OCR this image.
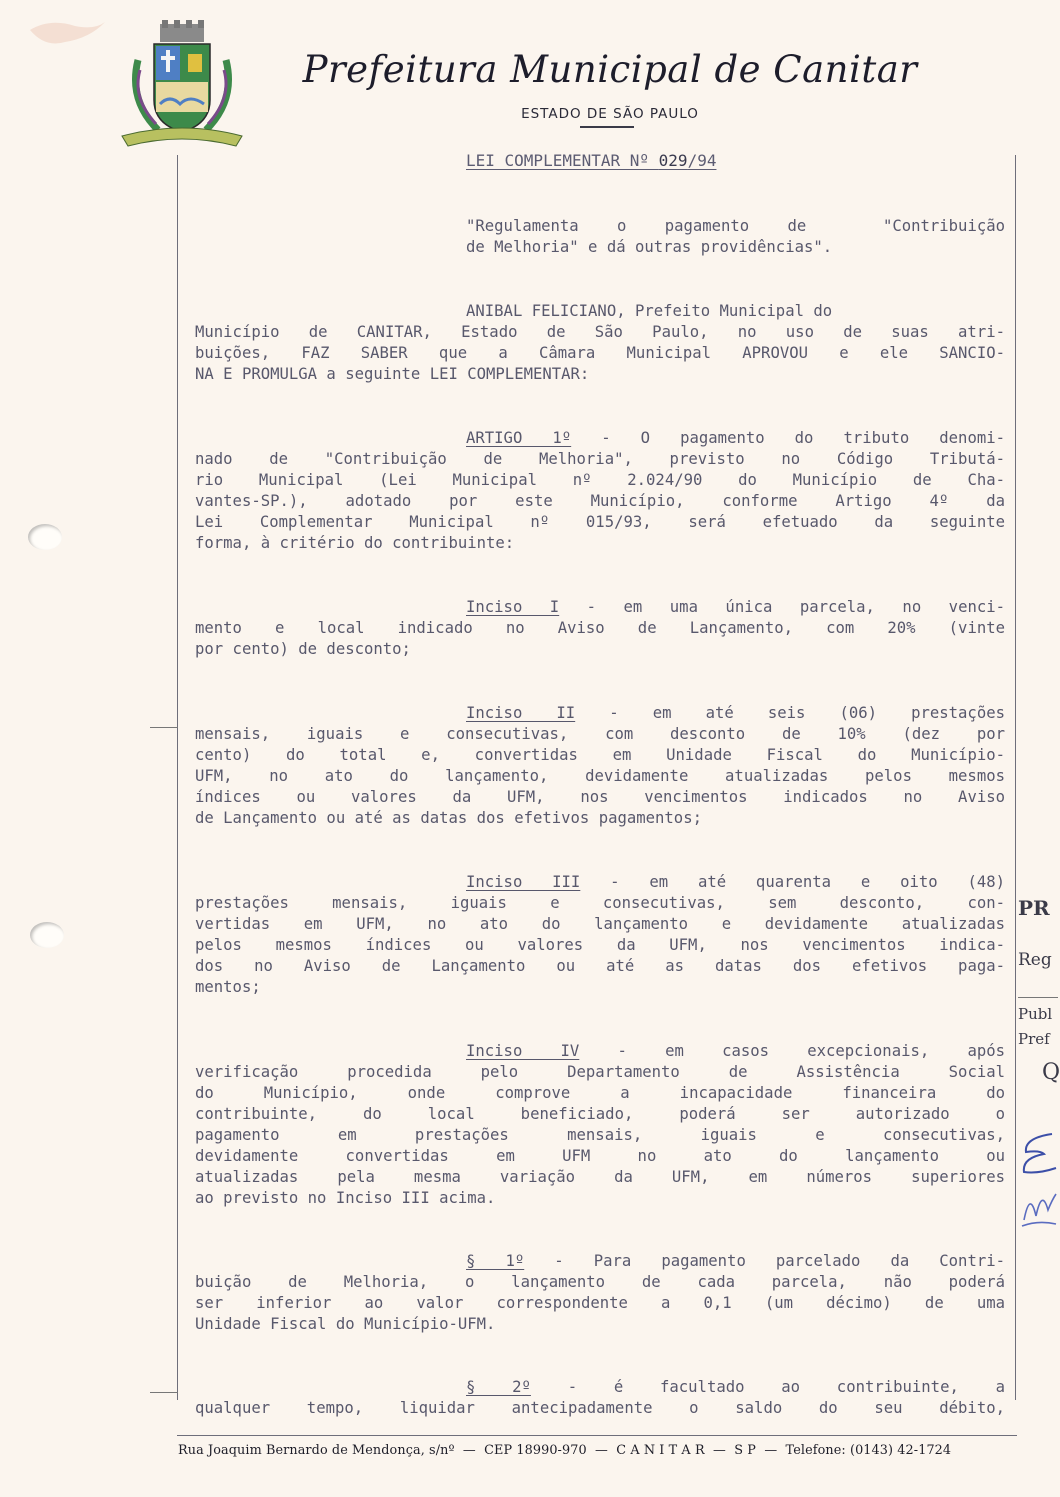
Prefeitura Municipal de Canitar
ESTADO DE SÃO PAULO
LEI COMPLEMENTAR Nº 029/94
"Regulamenta o pagamento de  "Contribuição
de Melhoria" e dá outras providências".
ANIBAL FELICIANO, Prefeito Municipal do
Município de CANITAR, Estado de São Paulo, no uso de suas atri-
buições, FAZ SABER que a Câmara Municipal APROVOU e ele SANCIO-
NA E PROMULGA a seguinte LEI COMPLEMENTAR:
ARTIGO 1º - O pagamento do tributo denomi-
nado de "Contribuição de Melhoria", previsto no Código Tributá-
rio Municipal (Lei Municipal nº 2.024/90 do Município de Cha-
vantes-SP.), adotado por este Município, conforme Artigo 4º da
Lei Complementar Municipal nº 015/93, será efetuado da seguinte
forma, à critério do contribuinte:
Inciso I - em uma única parcela, no venci-
mento e local indicado no Aviso de Lançamento, com 20% (vinte
por cento) de desconto;
Inciso II - em até seis (06) prestações
mensais, iguais e consecutivas, com desconto de 10% (dez por
cento) do total e, convertidas em Unidade Fiscal do Município-
UFM, no ato do lançamento, devidamente atualizadas pelos mesmos
índices ou valores da UFM, nos vencimentos indicados no Aviso
de Lançamento ou até as datas dos efetivos pagamentos;
Inciso III - em até quarenta e oito (48)
prestações mensais, iguais e consecutivas, sem desconto, con-
vertidas em UFM, no ato do lançamento e devidamente atualizadas
pelos mesmos índices ou valores da UFM, nos vencimentos indica-
dos no Aviso de Lançamento ou até as datas dos efetivos paga-
mentos;
Inciso IV - em casos excepcionais, após
verificação procedida pelo Departamento de Assistência Social
do Município, onde comprove a incapacidade financeira do
contribuinte, do local beneficiado, poderá ser autorizado o
pagamento em prestações mensais, iguais e consecutivas,
devidamente convertidas em UFM no ato do lançamento ou
atualizadas pela mesma variação da UFM, em números superiores
ao previsto no Inciso III acima.
§ 1º - Para pagamento parcelado da Contri-
buição de Melhoria, o lançamento de cada parcela, não poderá
ser inferior ao valor correspondente a 0,1 (um décimo) de uma
Unidade Fiscal do Município-UFM.
§ 2º - é facultado ao contribuinte, a
qualquer tempo, liquidar antecipadamente o saldo do seu débito,
Rua Joaquim Bernardo de Mendonça, s/nº  —  CEP 18990-970  —  C A N I T A R  —  S P  —  Telefone: (0143) 42-1724
PR
Reg
Publ
Pref
Q
